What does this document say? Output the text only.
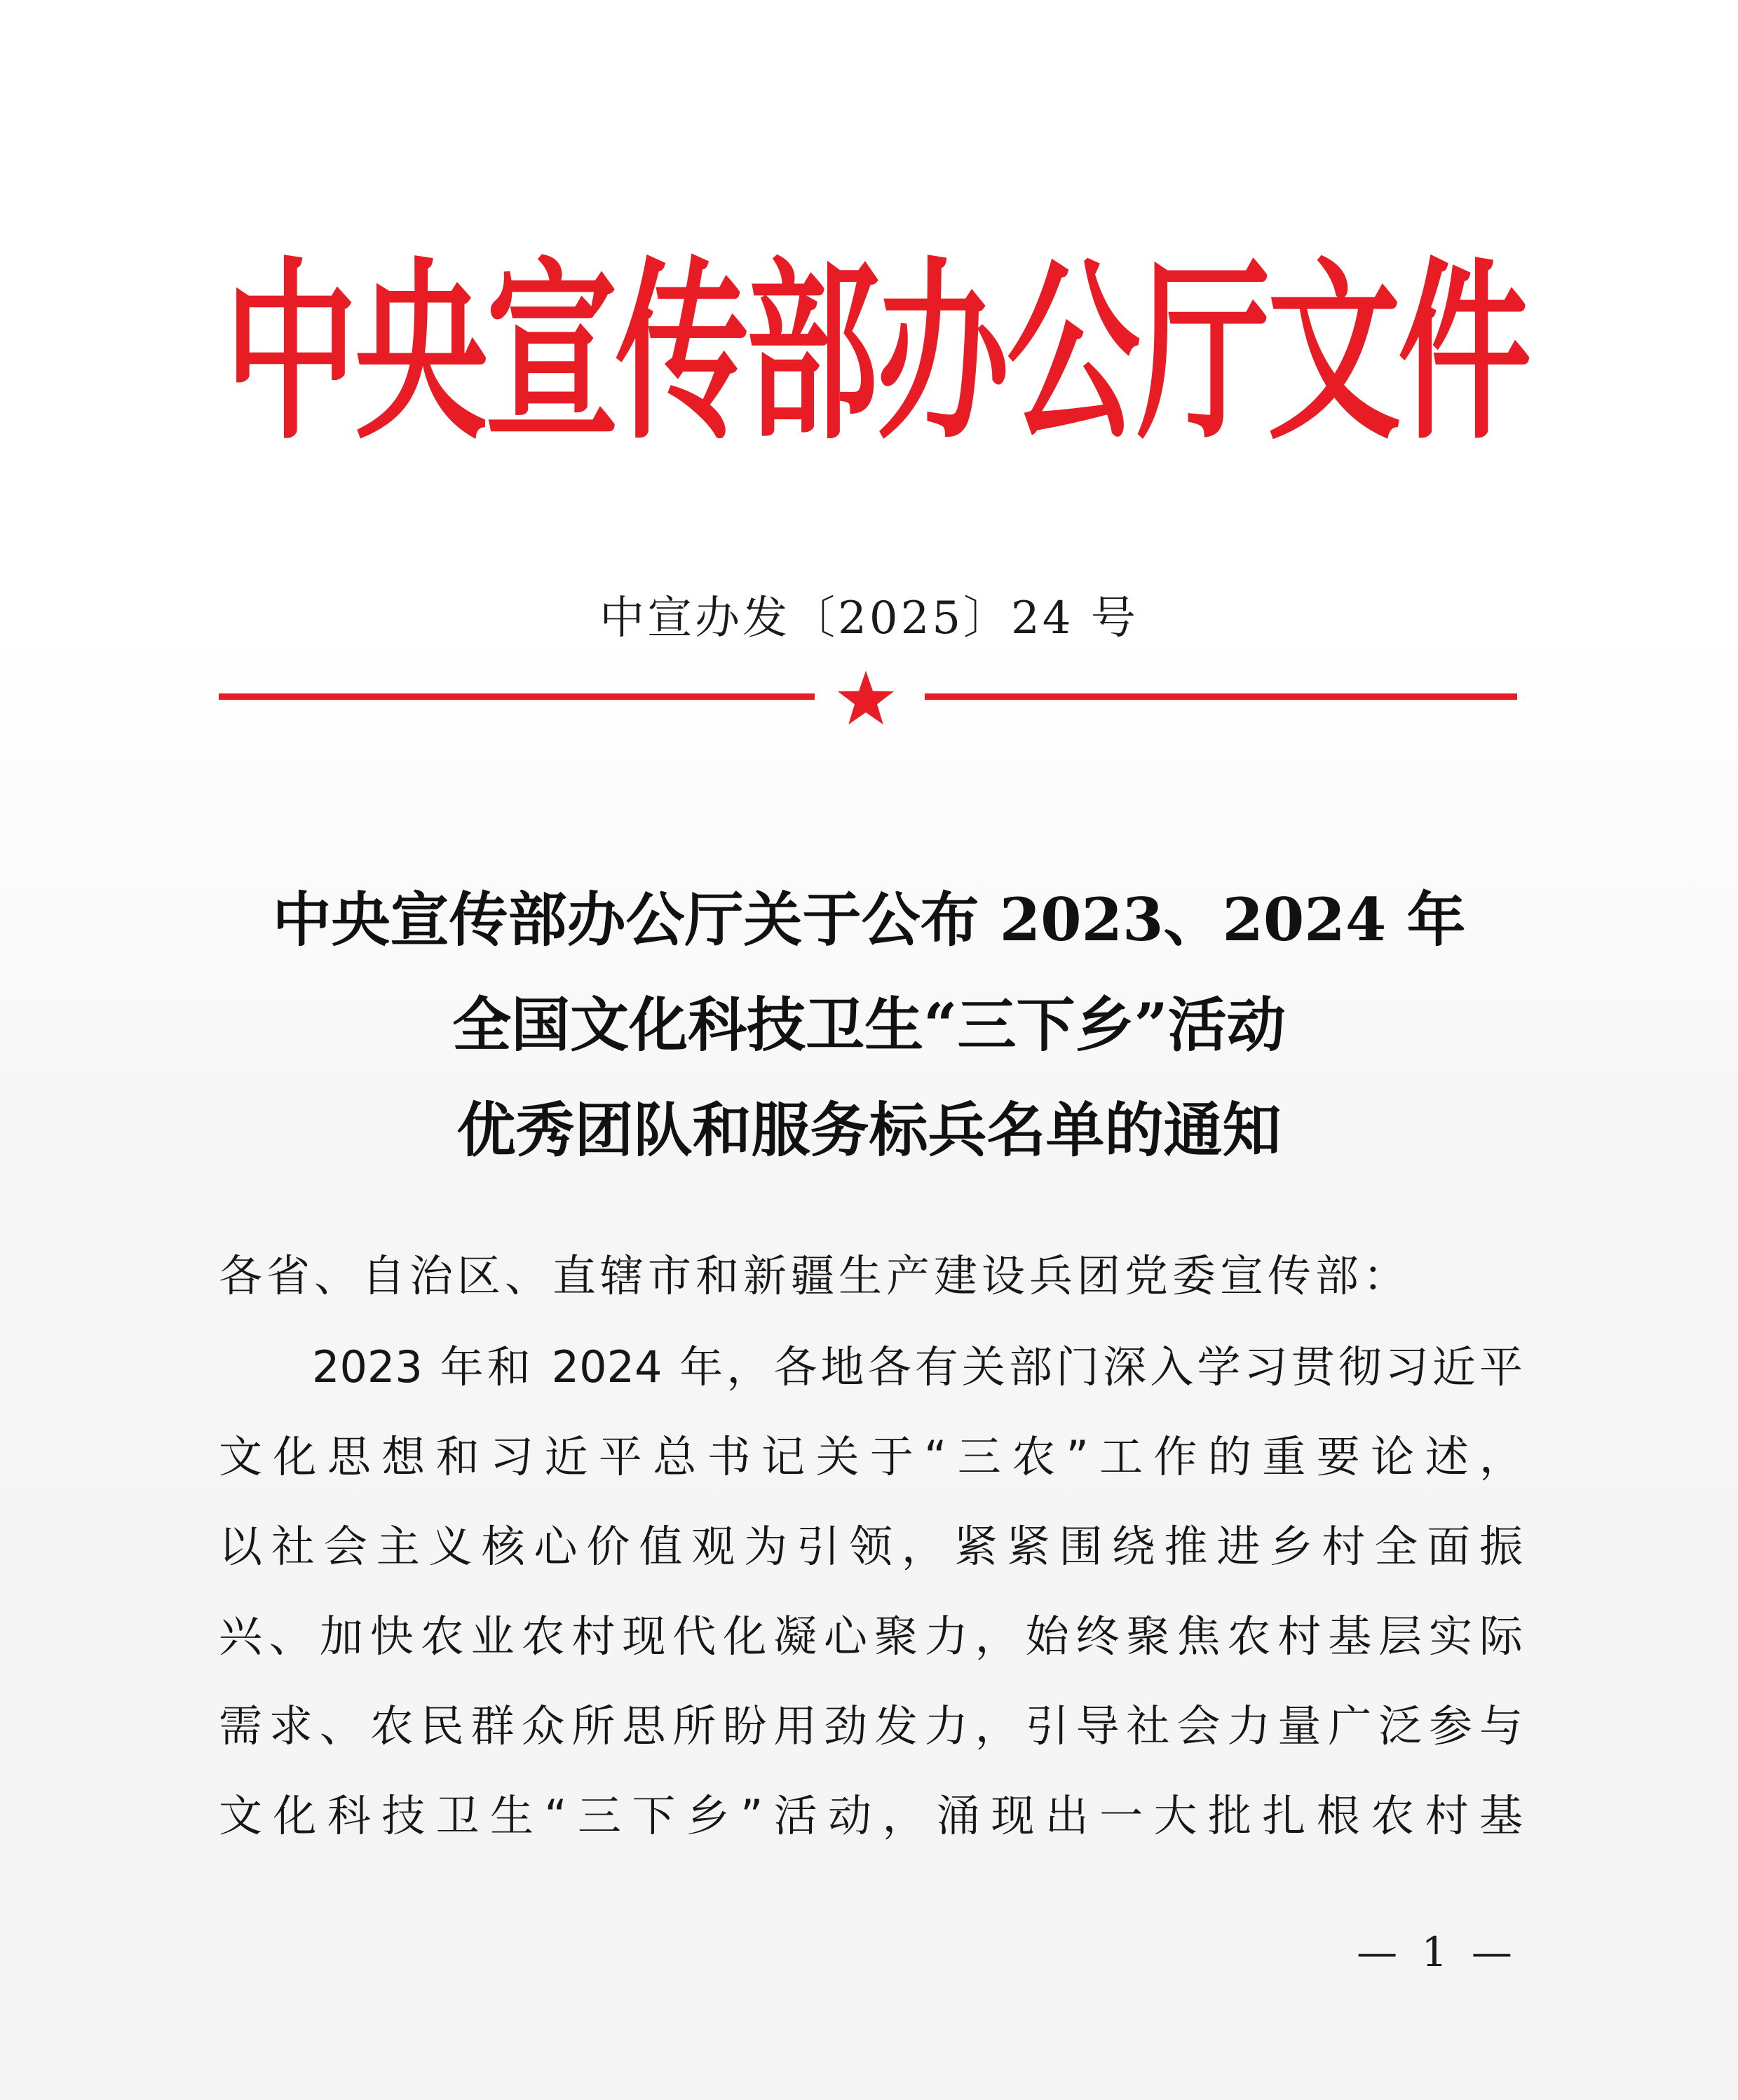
中央宣传部办公厅文件
中宣办发〔2025〕24 号
中央宣传部办公厅关于公布 2023、2024 年
全国文化科技卫生“三下乡”活动
优秀团队和服务标兵名单的通知
各省、自治区、直辖市和新疆生产建设兵团党委宣传部：
2023 年和 2024 年，各地各有关部门深入学习贯彻习近平
文化思想和习近平总书记关于“三农”工作的重要论述，
以社会主义核心价值观为引领，紧紧围绕推进乡村全面振
兴、加快农业农村现代化凝心聚力，始终聚焦农村基层实际
需求、农民群众所思所盼用劲发力，引导社会力量广泛参与
文化科技卫生“三下乡”活动，涌现出一大批扎根农村基
— 1 —
